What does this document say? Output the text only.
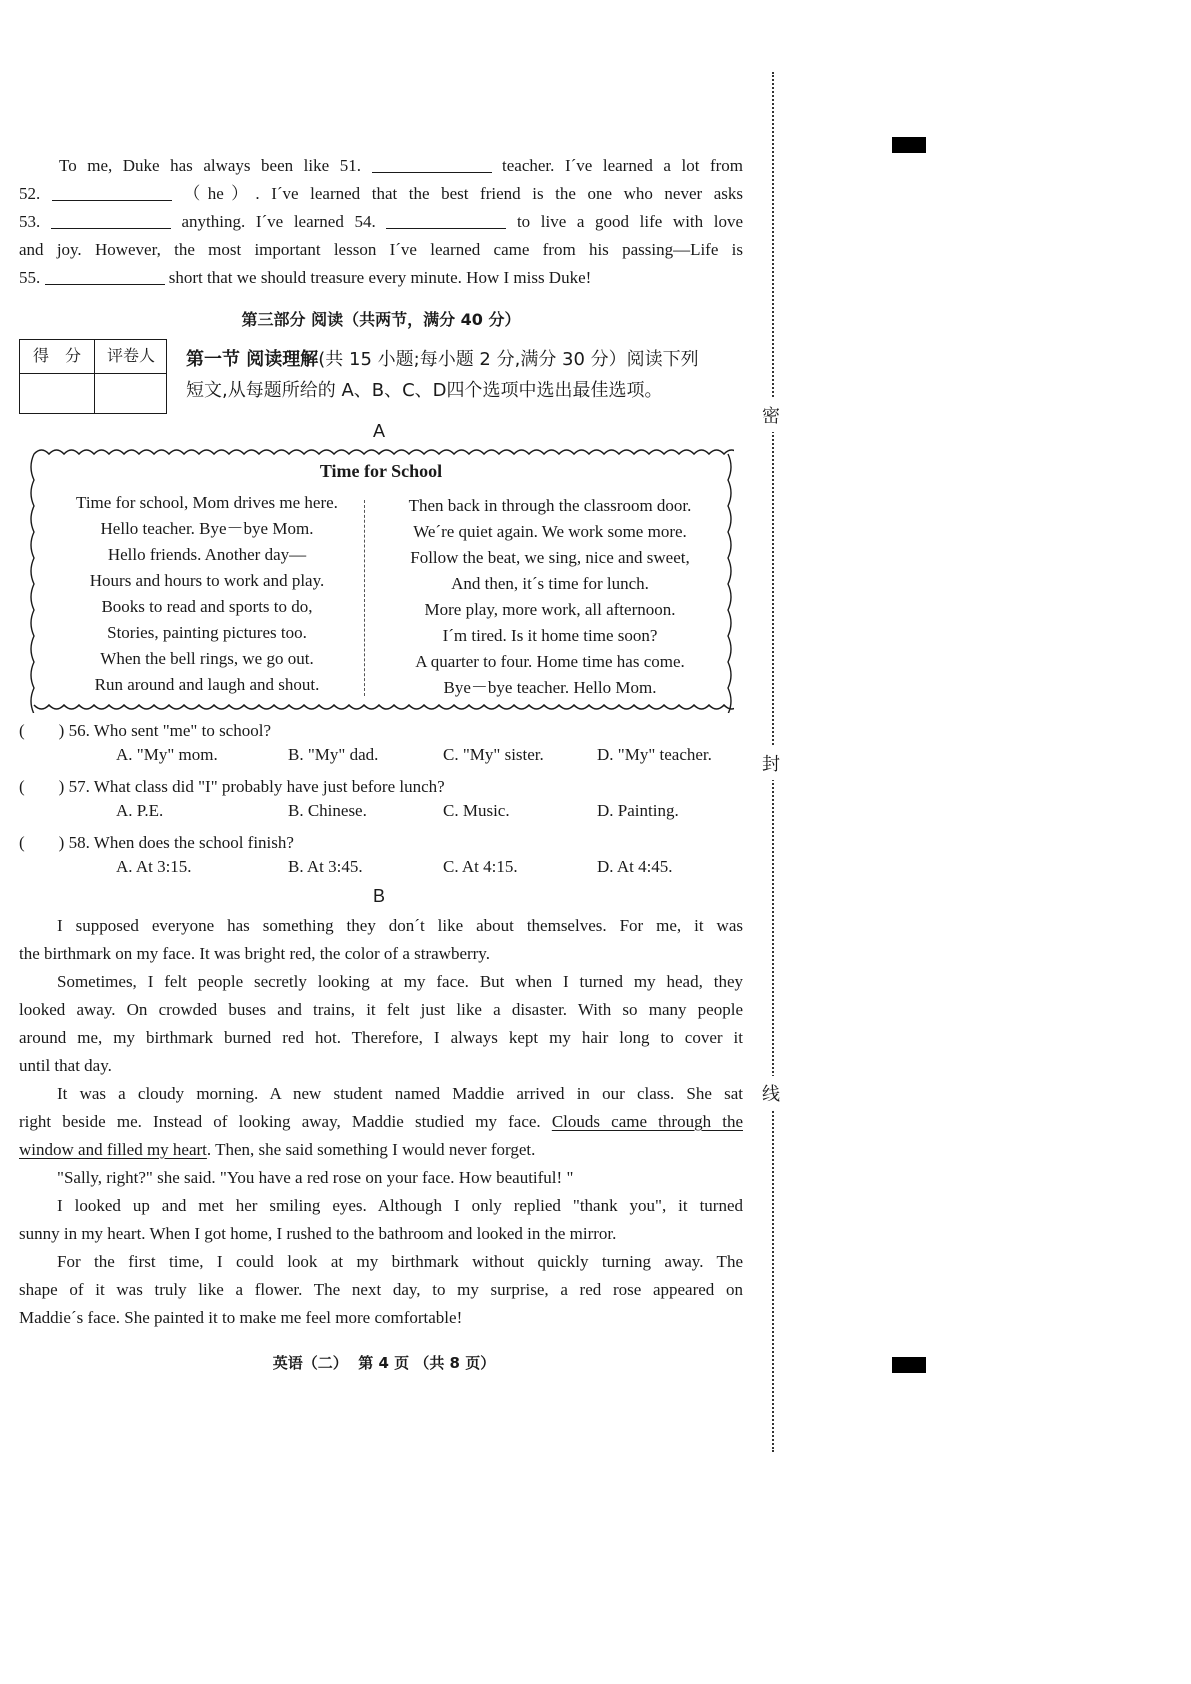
To me, Duke has always been like 51.	teacher. I´ve learned a lot from
52.	（he）. I´ve learned that the best friend is the one who never asks
53.	anything. I´ve learned 54.	to live a good life with love
and joy. However, the most important lesson I´ve learned came from his passing—Life is
55.	short that we should treasure every minute. How I miss Duke!
第三部分 阅读（共两节，满分 40 分）
得　分	评卷人	第一节 阅读理解(共 15 小题;每小题 2 分,满分 30 分）阅读下列
短文,从每题所给的 A、B、C、D四个选项中选出最佳选项。
A
Time for School
Time for school, Mom drives me here.
Hello teacher. Bye－bye Mom.
Hello friends. Another day—
Hours and hours to work and play.
Books to read and sports to do,
Stories, painting pictures too.
When the bell rings, we go out.
Run around and laugh and shout.
Then back in through the classroom door.
We´re quiet again. We work some more.
Follow the beat, we sing, nice and sweet,
And then, it´s time for lunch.
More play, more work, all afternoon.
I´m tired. Is it home time soon?
A quarter to four. Home time has come.
Bye－bye teacher. Hello Mom.
(　　) 56. Who sent "me" to school?
A. "My" mom.	B. "My" dad.	C. "My" sister.	D. "My" teacher.
(　　) 57. What class did "I" probably have just before lunch?
A. P.E.	B. Chinese.	C. Music.	D. Painting.
(　　) 58. When does the school finish?
A. At 3:15.	B. At 3:45.	C. At 4:15.	D. At 4:45.
B
I supposed everyone has something they don´t like about themselves. For me, it was
the birthmark on my face. It was bright red, the color of a strawberry.
Sometimes, I felt people secretly looking at my face. But when I turned my head, they
looked away. On crowded buses and trains, it felt just like a disaster. With so many people
around me, my birthmark burned red hot. Therefore, I always kept my hair long to cover it
until that day.
It was a cloudy morning. A new student named Maddie arrived in our class. She sat
right beside me. Instead of looking away, Maddie studied my face. Clouds came through the
window and filled my heart. Then, she said something I would never forget.
"Sally, right?" she said. "You have a red rose on your face. How beautiful! "
I looked up and met her smiling eyes. Although I only replied "thank you", it turned
sunny in my heart. When I got home, I rushed to the bathroom and looked in the mirror.
For the first time, I could look at my birthmark without quickly turning away. The
shape of it was truly like a flower. The next day, to my surprise, a red rose appeared on
Maddie´s face. She painted it to make me feel more comfortable!
英语（二）  第 4 页 （共 8 页）
密
封
线
